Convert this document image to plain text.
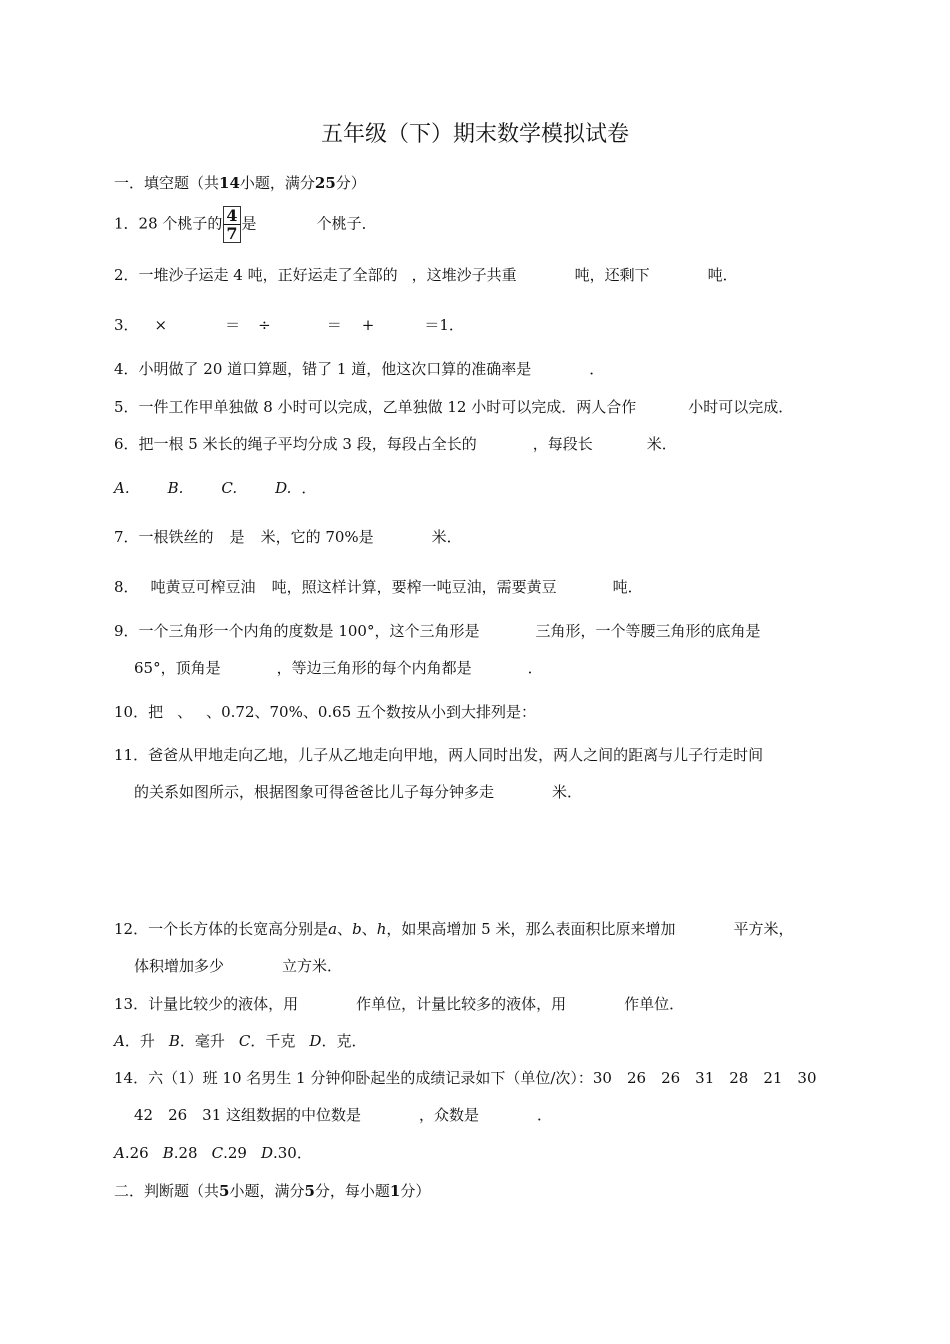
五年级（下）期末数学模拟试卷
一．填空题（共14小题，满分25分）
1．28 个桃子的 $\frac{4}{7}$ 是	个桃子．
2．一堆沙子运走 4 吨，正好运走了全部的 ，这堆沙子共重	吨，还剩下	吨．
3． ×	＝ ÷	＝ +	＝1．
4．小明做了 20 道口算题，错了 1 道，他这次口算的准确率是	．
5．一件工作甲单独做 8 小时可以完成，乙单独做 12 小时可以完成．两人合作	小时可以完成．
6．把一根 5 米长的绳子平均分成 3 段，每段占全长的	，每段长	米．
A.	B.	C.	D. ．
7．一根铁丝的 是 米，它的 70%是	米．
8． 吨黄豆可榨豆油 吨，照这样计算，要榨一吨豆油，需要黄豆	吨．
9．一个三角形一个内角的度数是 100°，这个三角形是	三角形，一个等腰三角形的底角是
65°，顶角是	，等边三角形的每个内角都是	．
10．把 、 、0.72、70%、0.65 五个数按从小到大排列是：
11．爸爸从甲地走向乙地，儿子从乙地走向甲地，两人同时出发，两人之间的距离与儿子行走时间
的关系如图所示，根据图象可得爸爸比儿子每分钟多走	米．
12．一个长方体的长宽高分别是a、b、h，如果高增加 5 米，那么表面积比原来增加	平方米，
体积增加多少	立方米．
13．计量比较少的液体，用	作单位，计量比较多的液体，用	作单位．
A．升 B．毫升 C．千克 D．克．
14．六（1）班 10 名男生 1 分钟仰卧起坐的成绩记录如下（单位/次）：30　26　26　31　28　21　30
42　26　31 这组数据的中位数是	，众数是	．
A.26 B.28 C.29 D.30．
二．判断题（共5小题，满分5分，每小题1分）
